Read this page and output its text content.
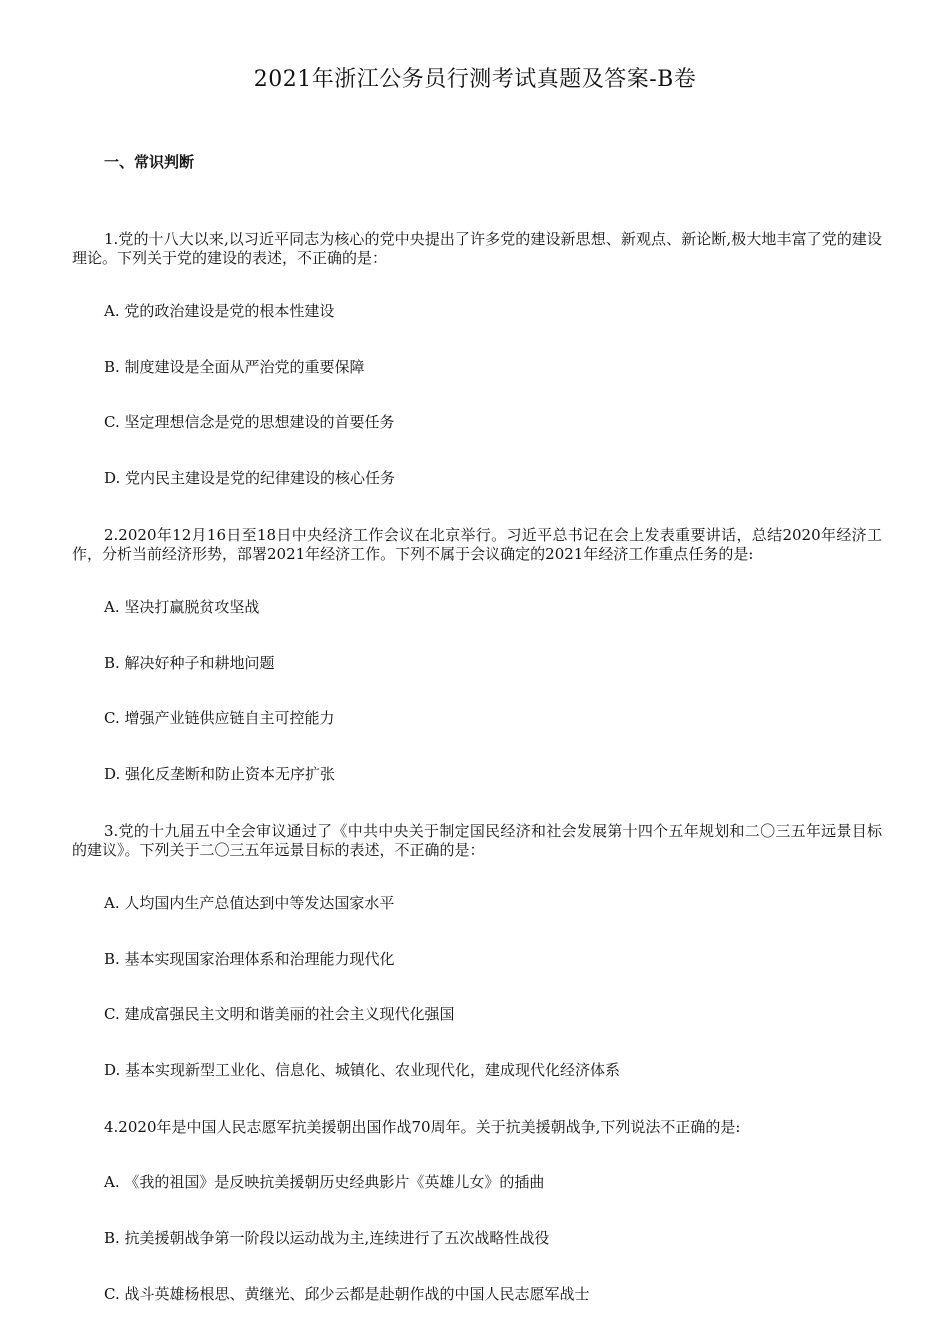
2021年浙江公务员行测考试真题及答案-B卷
一、常识判断
1.党的十八大以来,以习近平同志为核心的党中央提出了许多党的建设新思想、新观点、新论断,极大地丰富了党的建设理论。下列关于党的建设的表述，不正确的是：
A. 党的政治建设是党的根本性建设
B. 制度建设是全面从严治党的重要保障
C. 坚定理想信念是党的思想建设的首要任务
D. 党内民主建设是党的纪律建设的核心任务
2.2020年12月16日至18日中央经济工作会议在北京举行。习近平总书记在会上发表重要讲话，总结2020年经济工作，分析当前经济形势，部署2021年经济工作。下列不属于会议确定的2021年经济工作重点任务的是:
A. 坚决打赢脱贫攻坚战
B. 解决好种子和耕地问题
C. 增强产业链供应链自主可控能力
D. 强化反垄断和防止资本无序扩张
3.党的十九届五中全会审议通过了《中共中央关于制定国民经济和社会发展第十四个五年规划和二〇三五年远景目标的建议》。下列关于二〇三五年远景目标的表述，不正确的是：
A. 人均国内生产总值达到中等发达国家水平
B. 基本实现国家治理体系和治理能力现代化
C. 建成富强民主文明和谐美丽的社会主义现代化强国
D. 基本实现新型工业化、信息化、城镇化、农业现代化，建成现代化经济体系
4.2020年是中国人民志愿军抗美援朝出国作战70周年。关于抗美援朝战争,下列说法不正确的是:
A. 《我的祖国》是反映抗美援朝历史经典影片《英雄儿女》的插曲
B. 抗美援朝战争第一阶段以运动战为主,连续进行了五次战略性战役
C. 战斗英雄杨根思、黄继光、邱少云都是赴朝作战的中国人民志愿军战士
